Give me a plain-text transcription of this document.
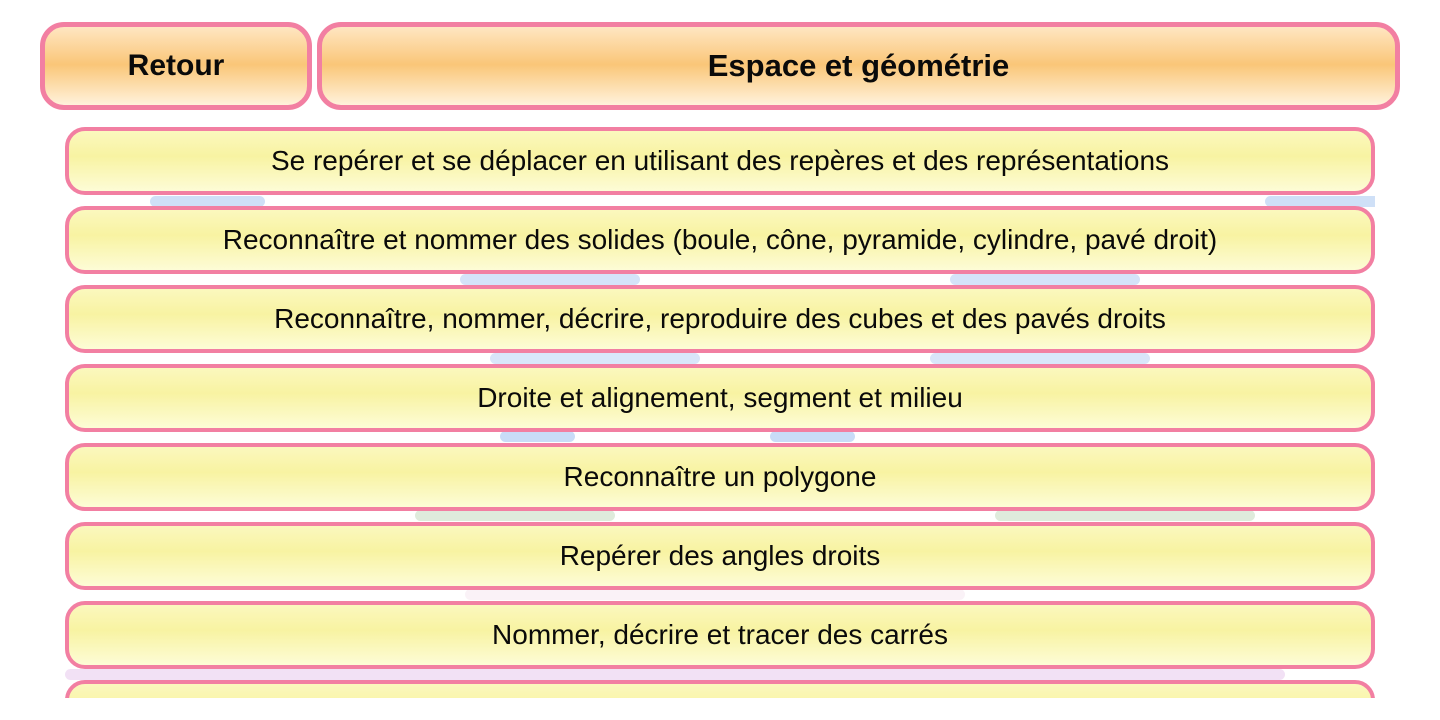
Retour	Espace et géométrie
Se repérer et se déplacer en utilisant des repères et des représentations
Reconnaître et nommer des solides (boule, cône, pyramide, cylindre, pavé droit)
Reconnaître, nommer, décrire, reproduire des cubes et des pavés droits
Droite et alignement, segment et milieu
Reconnaître un polygone
Repérer des angles droits
Nommer, décrire et tracer des carrés
